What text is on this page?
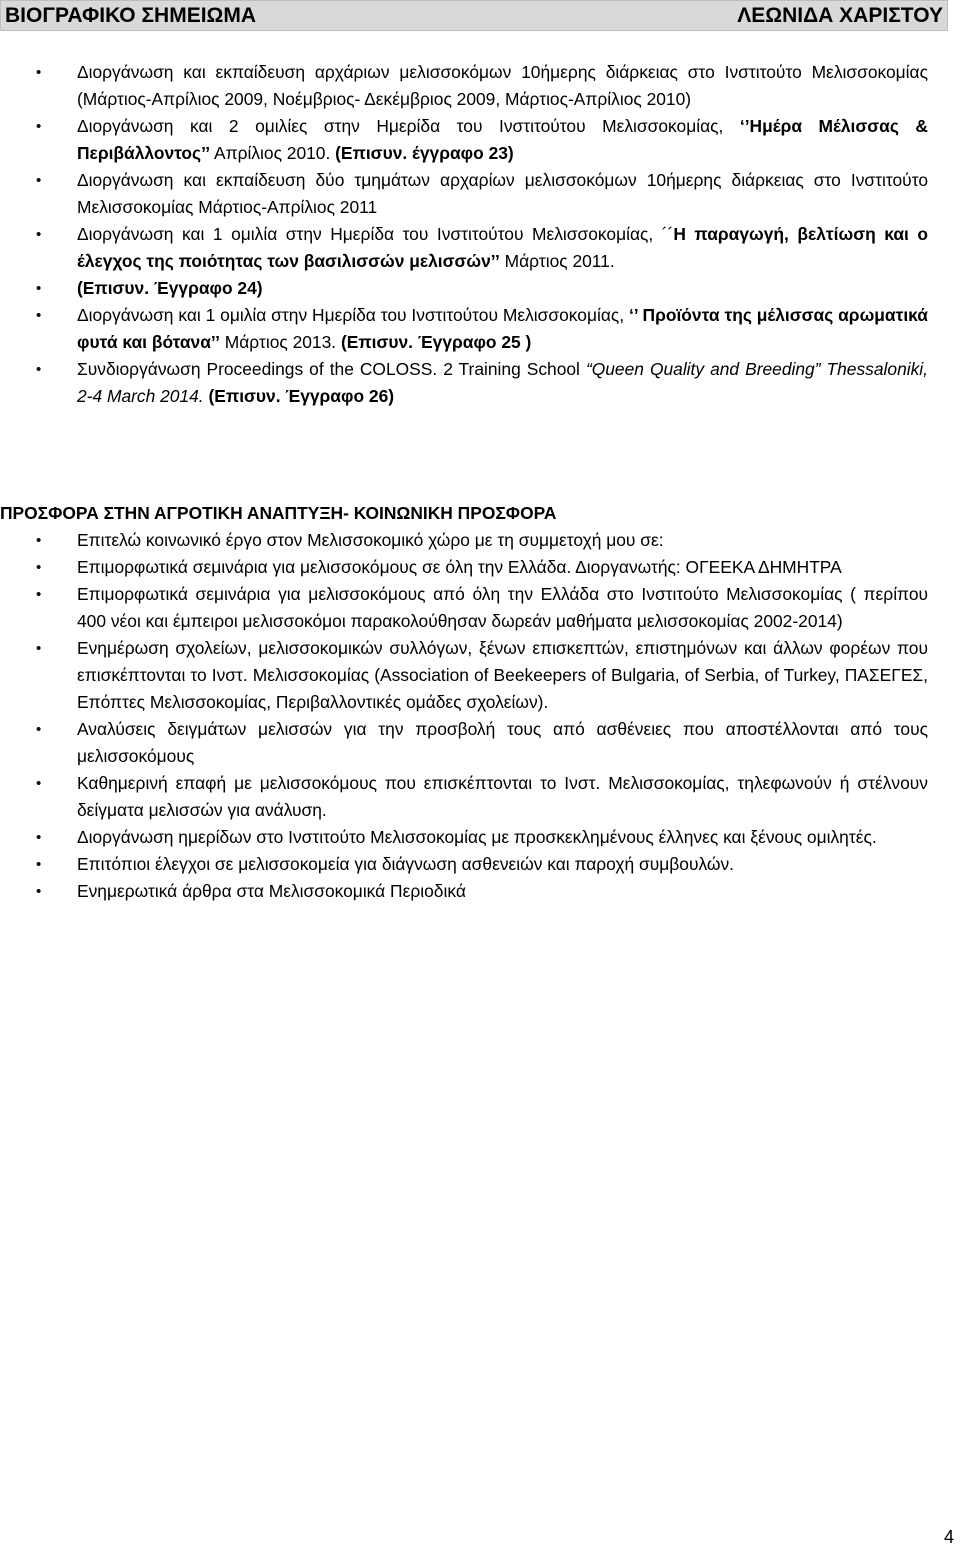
ΒΙΟΓΡΑΦΙΚΟ ΣΗΜΕΙΩΜΑ	ΛΕΩΝΙΔΑ ΧΑΡΙΣΤΟΥ
• Διοργάνωση και εκπαίδευση αρχάριων μελισσοκόμων 10ήμερης διάρκειας στο Ινστιτούτο Μελισσοκομίας (Μάρτιος-Απρίλιος 2009, Νοέμβριος- Δεκέμβριος 2009, Μάρτιος-Απρίλιος 2010)
• Διοργάνωση και 2 ομιλίες στην Ημερίδα του Ινστιτούτου Μελισσοκομίας, ‘’Ημέρα Μέλισσας & Περιβάλλοντος’’ Απρίλιος 2010. (Επισυν. έγγραφο 23)
• Διοργάνωση και εκπαίδευση δύο τμημάτων αρχαρίων μελισσοκόμων 10ήμερης διάρκειας στο Ινστιτούτο Μελισσοκομίας Μάρτιος-Απρίλιος 2011
• Διοργάνωση και 1 ομιλία στην Ημερίδα του Ινστιτούτου Μελισσοκομίας, ´´Η παραγωγή, βελτίωση και ο έλεγχος της ποιότητας των βασιλισσών μελισσών’’ Μάρτιος 2011.
• (Επισυν. Έγγραφο 24)
• Διοργάνωση και 1 ομιλία στην Ημερίδα του Ινστιτούτου Μελισσοκομίας, ‘’ Προϊόντα της μέλισσας αρωματικά φυτά και βότανα’’ Μάρτιος 2013. (Επισυν. Έγγραφο 25 )
• Συνδιοργάνωση Proceedings of the COLOSS. 2 Training School “Queen Quality and Breeding” Thessaloniki, 2-4 March 2014. (Επισυν. Έγγραφο 26)
ΠΡΟΣΦΟΡΑ ΣΤΗΝ ΑΓΡΟΤΙΚΗ ΑΝΑΠΤΥΞΗ- ΚΟΙΝΩΝΙΚΗ ΠΡΟΣΦΟΡΑ
• Επιτελώ κοινωνικό έργο στον Μελισσοκομικό χώρο με τη συμμετοχή μου σε:
• Επιμορφωτικά σεμινάρια για μελισσοκόμους σε όλη την Ελλάδα. Διοργανωτής: ΟΓΕΕΚΑ ΔΗΜΗΤΡΑ
• Επιμορφωτικά σεμινάρια για μελισσοκόμους από όλη την Ελλάδα στο Ινστιτούτο Μελισσοκομίας ( περίπου 400 νέοι και έμπειροι μελισσοκόμοι παρακολούθησαν δωρεάν μαθήματα μελισσοκομίας 2002-2014)
• Ενημέρωση σχολείων, μελισσοκομικών συλλόγων, ξένων επισκεπτών, επιστημόνων και άλλων φορέων που επισκέπτονται το Ινστ. Μελισσοκομίας (Association of Beekeepers of Bulgaria, of Serbia, of Turkey, ΠΑΣΕΓΕΣ, Επόπτες Μελισσοκομίας, Περιβαλλοντικές ομάδες σχολείων).
• Αναλύσεις δειγμάτων μελισσών για την προσβολή τους από ασθένειες που αποστέλλονται από τους μελισσοκόμους
• Καθημερινή επαφή με μελισσοκόμους που επισκέπτονται το Ινστ. Μελισσοκομίας, τηλεφωνούν ή στέλνουν δείγματα μελισσών για ανάλυση.
• Διοργάνωση ημερίδων στο Ινστιτούτο Μελισσοκομίας με προσκεκλημένους έλληνες και ξένους ομιλητές.
• Επιτόπιοι έλεγχοι σε μελισσοκομεία για διάγνωση ασθενειών και παροχή συμβουλών.
• Ενημερωτικά άρθρα στα Μελισσοκομικά Περιοδικά
4
